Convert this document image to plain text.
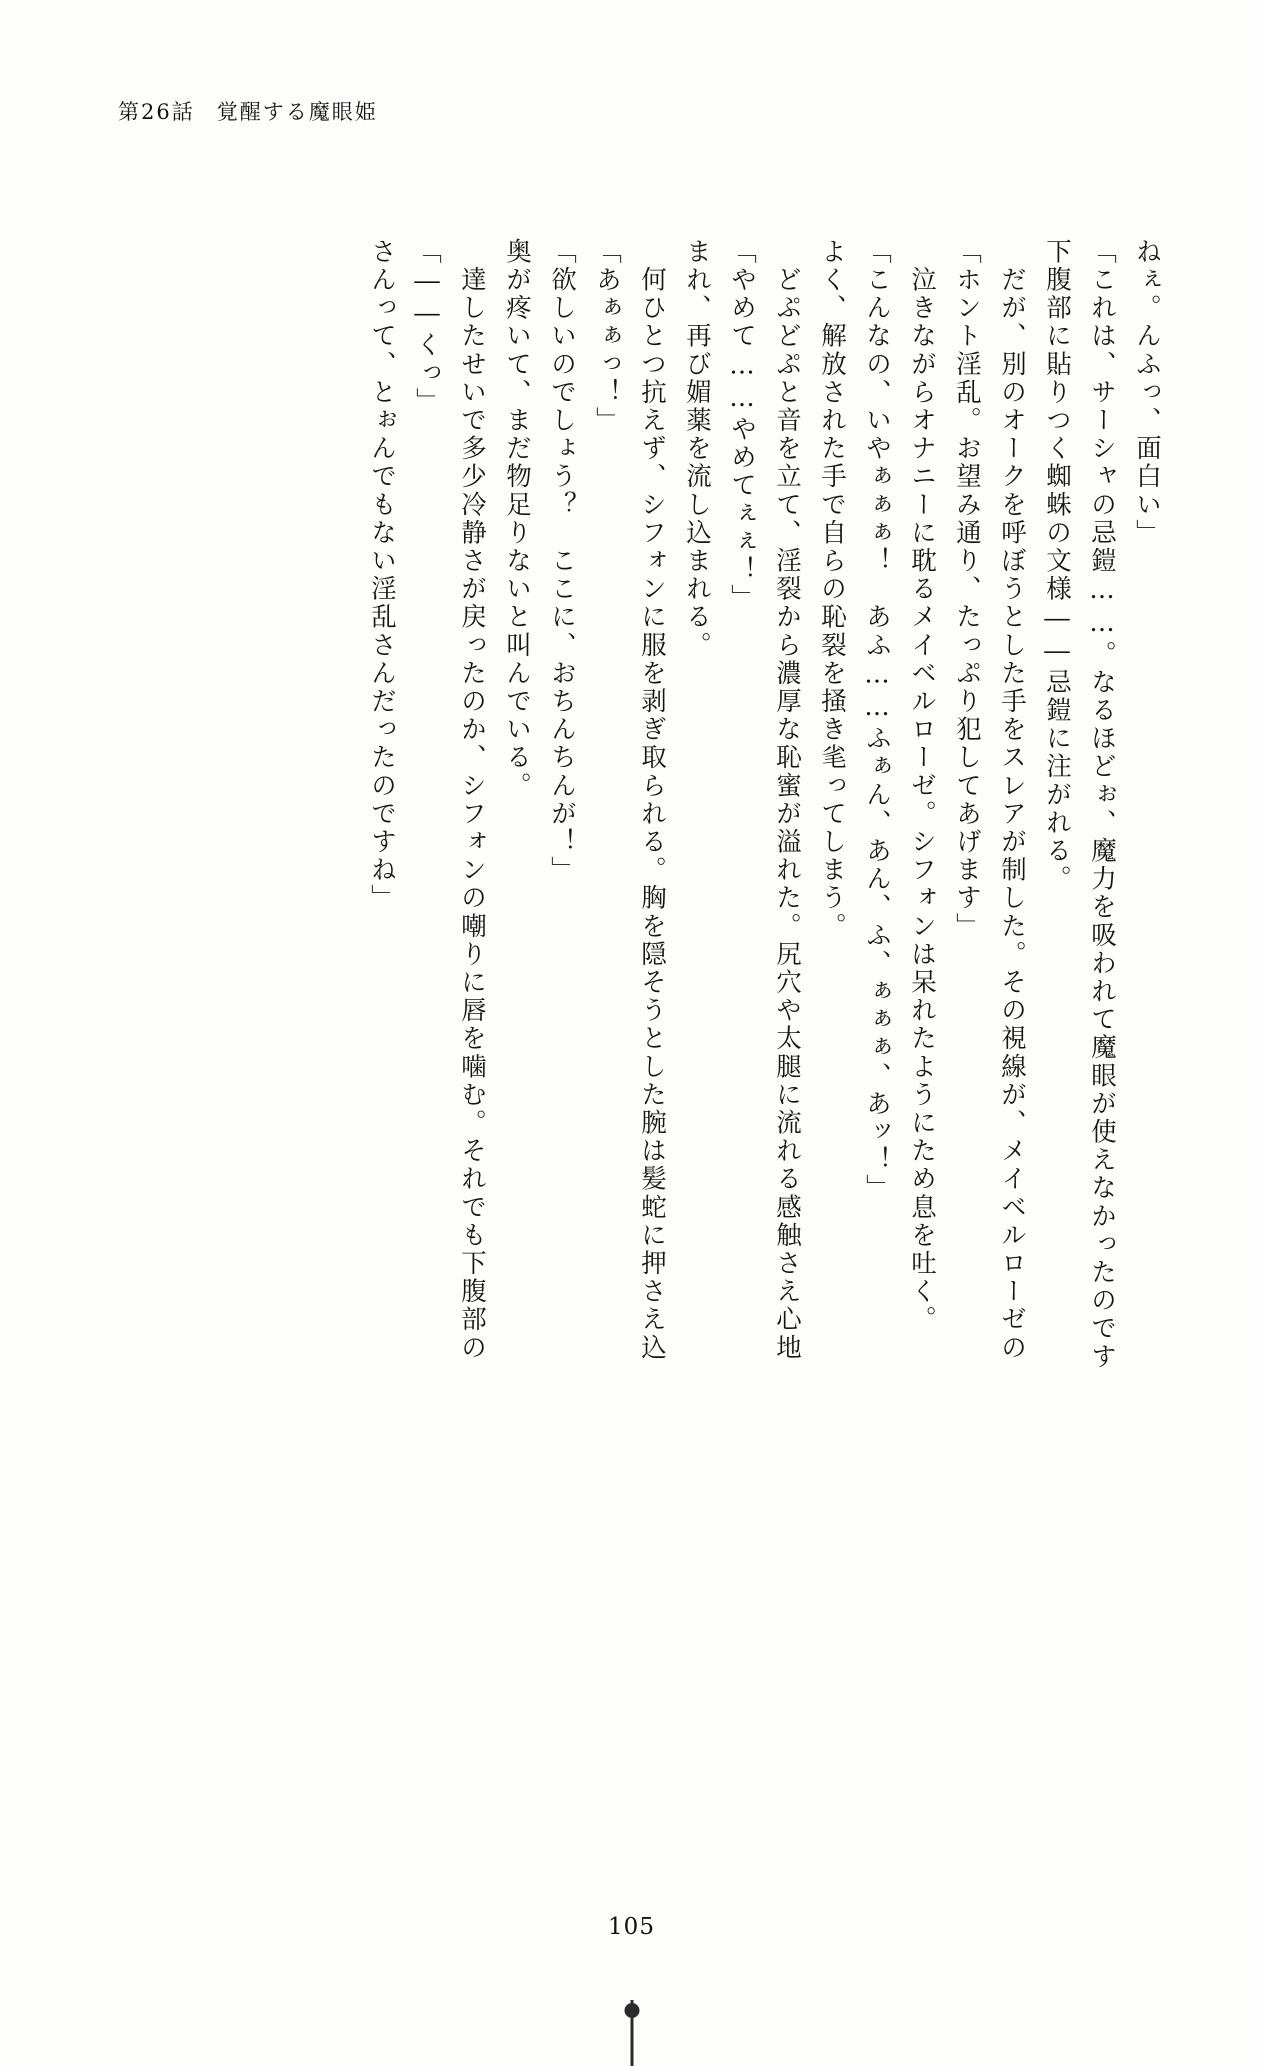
第26話 覚醒する魔眼姫
さんって、とぉんでもない淫乱さんだったのですね」 「――くっ」 　達したせいで多少冷静さが戻ったのか、シフォンの嘲りに唇を噛む。それでも下腹部の 奥が疼いて、まだ物足りないと叫んでいる。 「欲しいのでしょう？　ここに、おちんちんが！」 「あぁぁっ！」 　何ひとつ抗えず、シフォンに服を剥ぎ取られる。胸を隠そうとした腕は髪蛇に押さえ込 まれ、再び媚薬を流し込まれる。 「やめて……やめてぇぇ！」 　どぷどぷと音を立て、淫裂から濃厚な恥蜜が溢れた。尻穴や太腿に流れる感触さえ心地 よく、解放された手で自らの恥裂を掻き毟ってしまう。 「こんなの、いやぁぁぁ！　あふ……ふぁん、あん、ふ、ぁぁぁ、あッ！」 　泣きながらオナニーに耽るメイベルローゼ。シフォンは呆れたようにため息を吐く。 「ホント淫乱。お望み通り、たっぷり犯してあげます」 　だが、別のオークを呼ぼうとした手をスレアが制した。その視線が、メイベルローゼの 下腹部に貼りつく蜘蛛の文様――忌鎧に注がれる。 「これは、サーシャの忌鎧……。なるほどぉ、魔力を吸われて魔眼が使えなかったのです ねぇ。んふっ、面白い」
105
